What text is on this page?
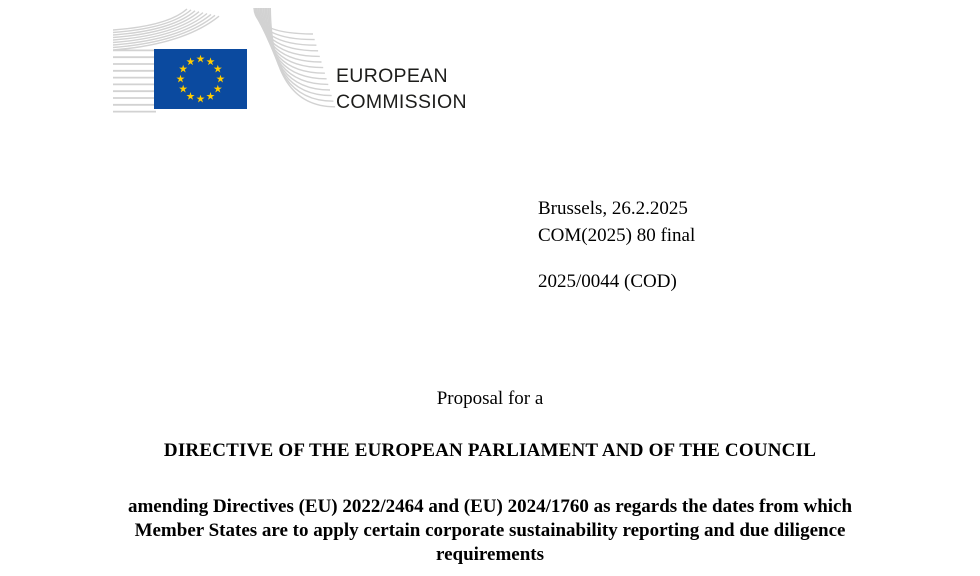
EUROPEAN
COMMISSION
Brussels, 26.2.2025
COM(2025) 80 final
2025/0044 (COD)
Proposal for a
DIRECTIVE OF THE EUROPEAN PARLIAMENT AND OF THE COUNCIL
amending Directives (EU) 2022/2464 and (EU) 2024/1760 as regards the dates from which Member States are to apply certain corporate sustainability reporting and due diligence requirements
